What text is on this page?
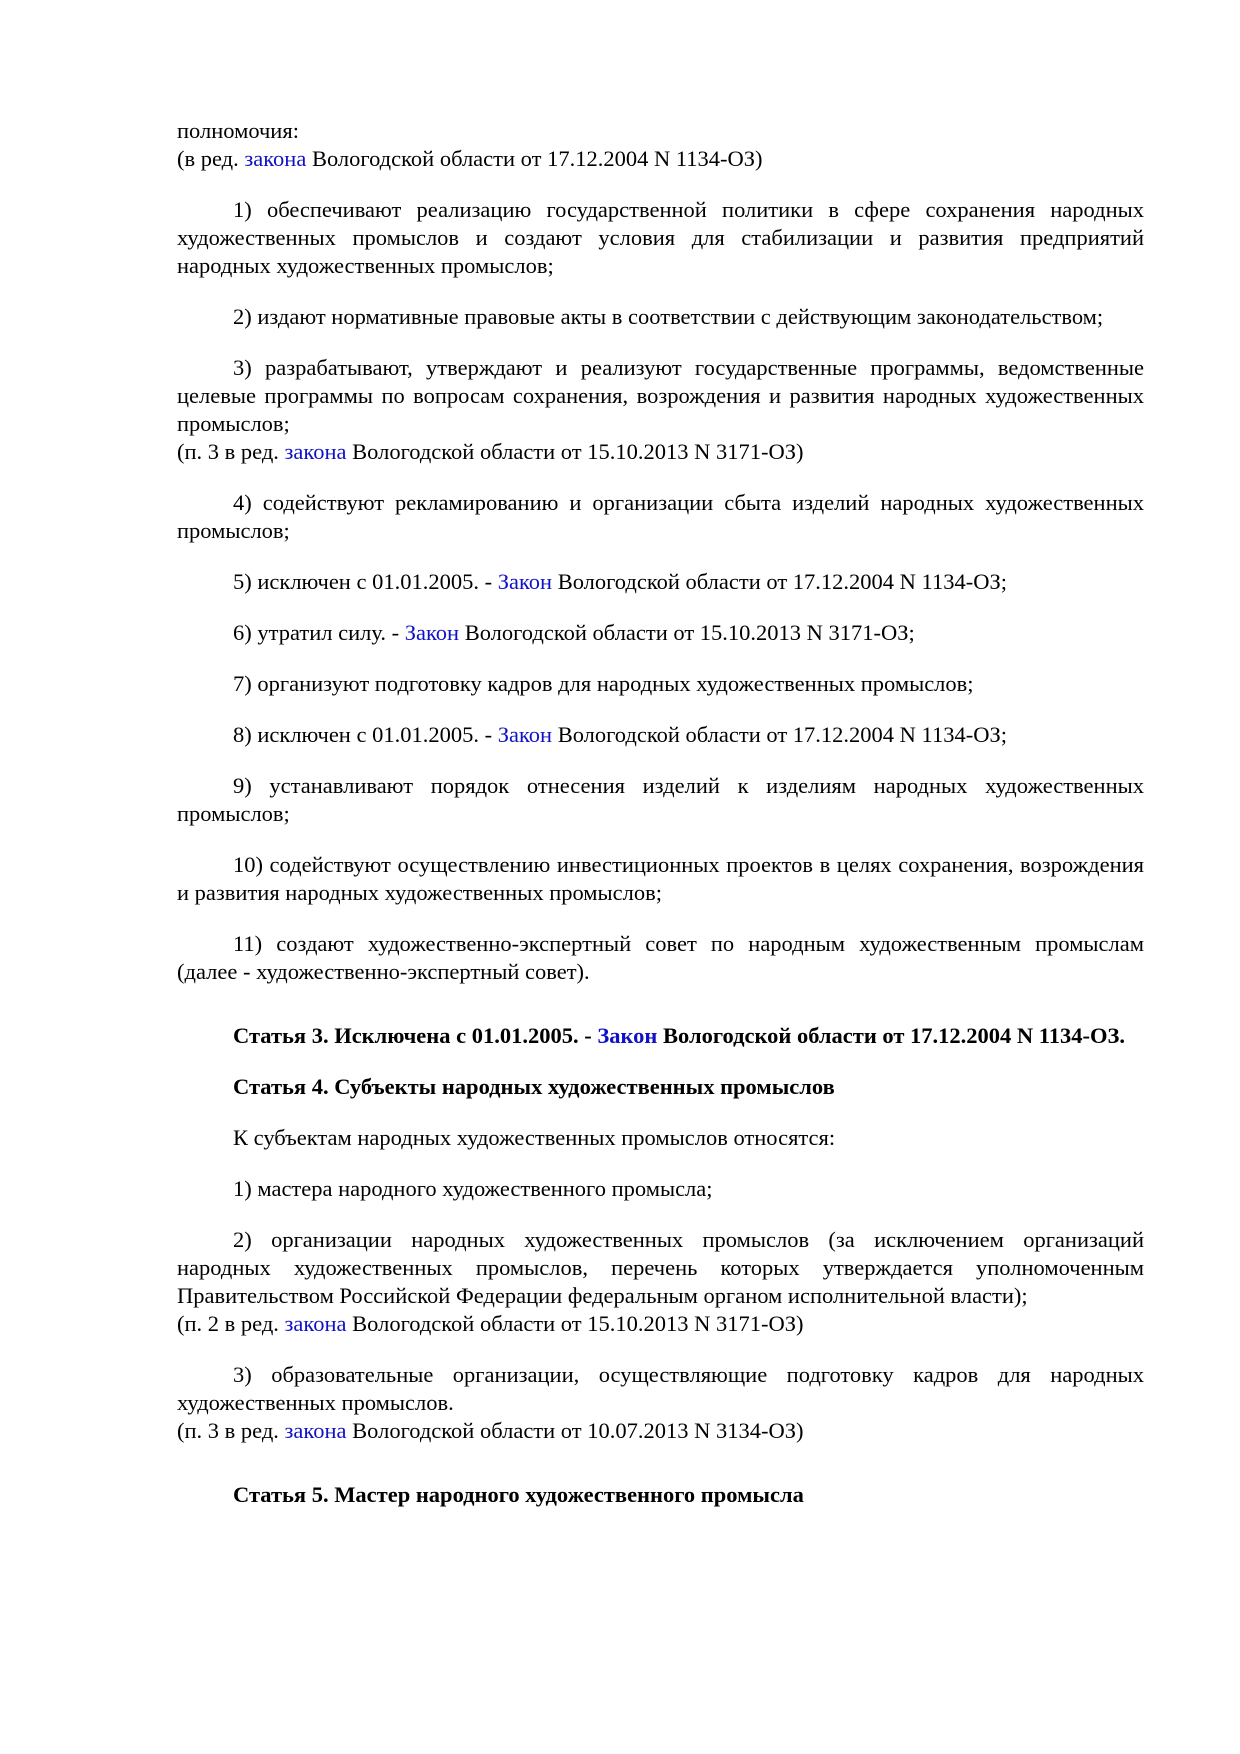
полномочия:

(в ред. закона Вологодской области от 17.12.2004 N 1134-ОЗ)

1) обеспечивают реализацию государственной политики в сфере сохранения народных художественных промыслов и создают условия для стабилизации и развития предприятий народных художественных промыслов;

2) издают нормативные правовые акты в соответствии с действующим законодательством;

3) разрабатывают, утверждают и реализуют государственные программы, ведомственные целевые программы по вопросам сохранения, возрождения и развития народных художественных промыслов;

(п. 3 в ред. закона Вологодской области от 15.10.2013 N 3171-ОЗ)

4) содействуют рекламированию и организации сбыта изделий народных художественных промыслов;

5) исключен с 01.01.2005. - Закон Вологодской области от 17.12.2004 N 1134-ОЗ;

6) утратил силу. - Закон Вологодской области от 15.10.2013 N 3171-ОЗ;

7) организуют подготовку кадров для народных художественных промыслов;

8) исключен с 01.01.2005. - Закон Вологодской области от 17.12.2004 N 1134-ОЗ;

9) устанавливают порядок отнесения изделий к изделиям народных художественных промыслов;

10) содействуют осуществлению инвестиционных проектов в целях сохранения, возрождения и развития народных художественных промыслов;

11) создают художественно-экспертный совет по народным художественным промыслам (далее - художественно-экспертный совет).

Статья 3. Исключена с 01.01.2005. - Закон Вологодской области от 17.12.2004 N 1134-ОЗ.

Статья 4. Субъекты народных художественных промыслов

К субъектам народных художественных промыслов относятся:

1) мастера народного художественного промысла;

2) организации народных художественных промыслов (за исключением организаций народных художественных промыслов, перечень которых утверждается уполномоченным Правительством Российской Федерации федеральным органом исполнительной власти);

(п. 2 в ред. закона Вологодской области от 15.10.2013 N 3171-ОЗ)

3) образовательные организации, осуществляющие подготовку кадров для народных художественных промыслов.

(п. 3 в ред. закона Вологодской области от 10.07.2013 N 3134-ОЗ)

Статья 5. Мастер народного художественного промысла
